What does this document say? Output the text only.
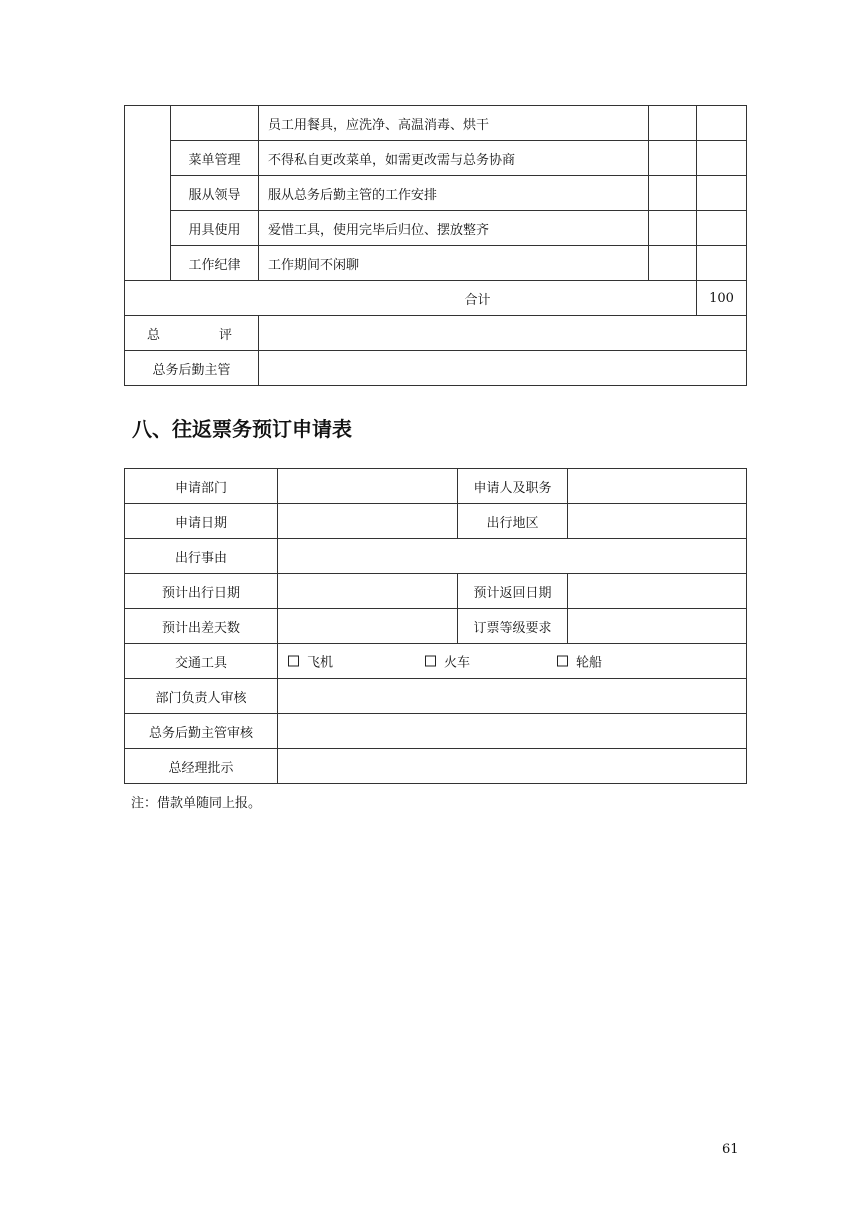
		员工用餐具，应洗净、高温消毒、烘干			
	菜单管理	不得私自更改菜单，如需更改需与总务协商			
	服从领导	服从总务后勤主管的工作安排			
	用具使用	爱惜工具，使用完毕后归位、摆放整齐			
	工作纪律	工作期间不闲聊			
合计				100	

总 评					

总务后勤主管					
八、往返票务预订申请表
申请部门		申请人及职务	
申请日期		出行地区	
出行事由			
预计出行日期		预计返回日期	
预计出差天数		订票等级要求	
交通工具	飞机 火车 轮船		

部门负责人审核			
总务后勤主管审核			
总经理批示			
注：借款单随同上报。
61
